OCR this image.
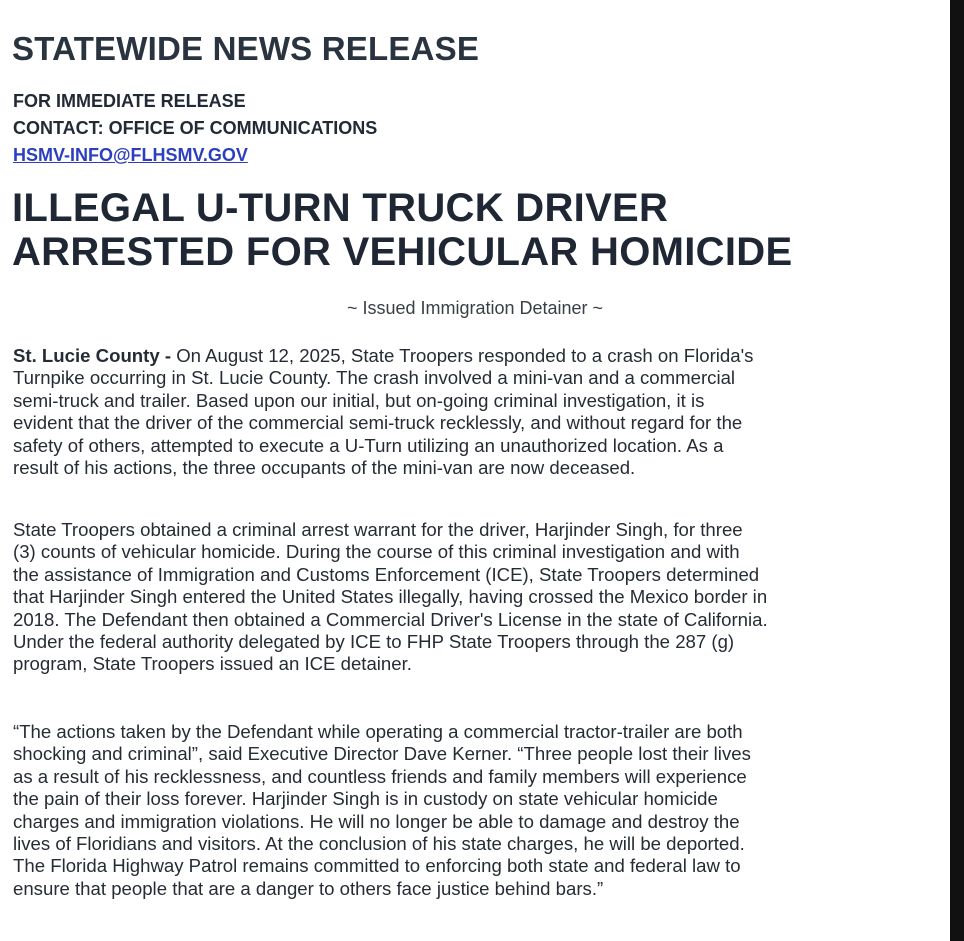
STATEWIDE NEWS RELEASE
FOR IMMEDIATE RELEASE
CONTACT: OFFICE OF COMMUNICATIONS
HSMV-INFO@FLHSMV.GOV
ILLEGAL U-TURN TRUCK DRIVER
ARRESTED FOR VEHICULAR HOMICIDE
~ Issued Immigration Detainer ~
St. Lucie County - On August 12, 2025, State Troopers responded to a crash on Florida's
Turnpike occurring in St. Lucie County. The crash involved a mini-van and a commercial
semi-truck and trailer. Based upon our initial, but on-going criminal investigation, it is
evident that the driver of the commercial semi-truck recklessly, and without regard for the
safety of others, attempted to execute a U-Turn utilizing an unauthorized location. As a
result of his actions, the three occupants of the mini-van are now deceased.
State Troopers obtained a criminal arrest warrant for the driver, Harjinder Singh, for three
(3) counts of vehicular homicide. During the course of this criminal investigation and with
the assistance of Immigration and Customs Enforcement (ICE), State Troopers determined
that Harjinder Singh entered the United States illegally, having crossed the Mexico border in
2018. The Defendant then obtained a Commercial Driver's License in the state of California.
Under the federal authority delegated by ICE to FHP State Troopers through the 287 (g)
program, State Troopers issued an ICE detainer.
“The actions taken by the Defendant while operating a commercial tractor-trailer are both
shocking and criminal”, said Executive Director Dave Kerner. “Three people lost their lives
as a result of his recklessness, and countless friends and family members will experience
the pain of their loss forever. Harjinder Singh is in custody on state vehicular homicide
charges and immigration violations. He will no longer be able to damage and destroy the
lives of Floridians and visitors. At the conclusion of his state charges, he will be deported.
The Florida Highway Patrol remains committed to enforcing both state and federal law to
ensure that people that are a danger to others face justice behind bars.”
